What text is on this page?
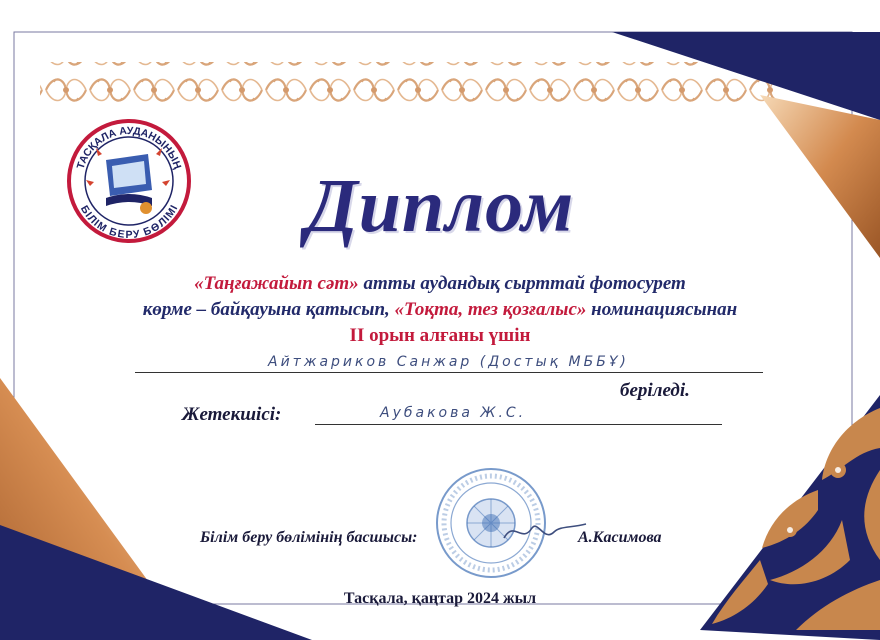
ТАСҚАЛА АУДАНЫНЫҢ
БІЛІМ БЕРУ БӨЛІМІ	Диплом
«Таңғажайып сәт» атты аудандық сырттай фотосурет
көрме – байқауына қатысып, «Тоқта, тез қозғалыс» номинациясынан
ІІ орын алғаны үшін
Айтжариков Санжар (Достық МББҰ)
беріледі.
Жетекшісі:	Аубакова Ж.С.
Білім беру бөлімінің басшысы:	А.Касимова
Тасқала, қаңтар 2024 жыл
